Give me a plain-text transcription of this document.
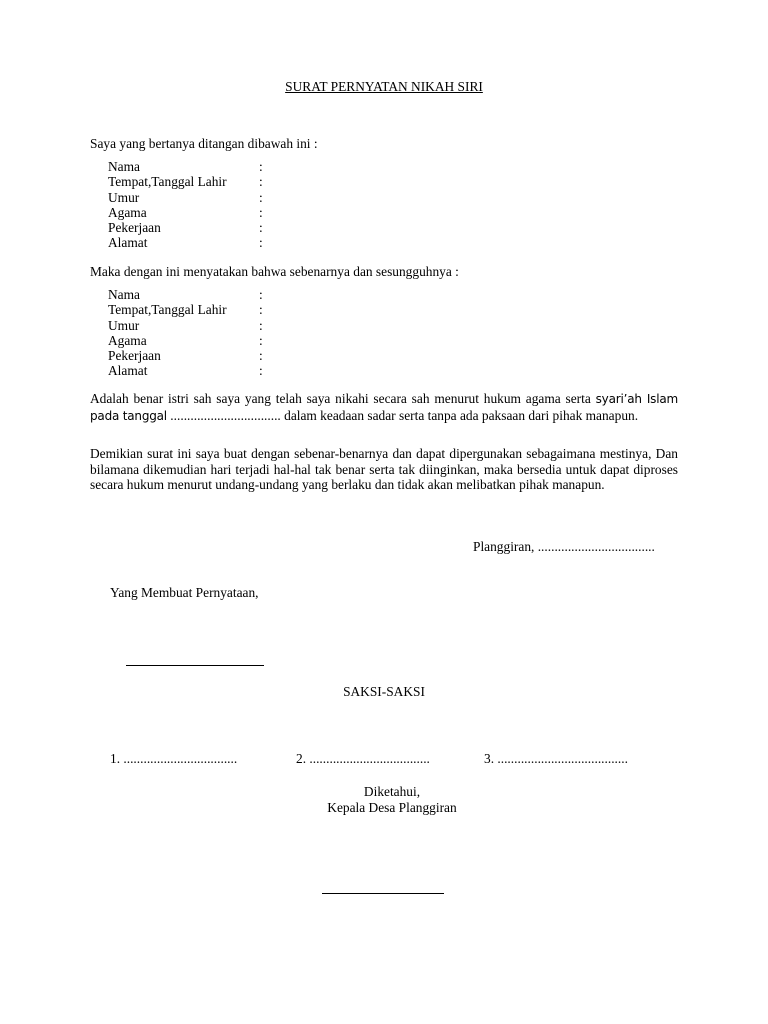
SURAT PERNYATAN NIKAH SIRI

Saya yang bertanya ditangan dibawah ini :

Nama	:
Tempat,Tanggal Lahir	:
Umur	:
Agama	:
Pekerjaan	:
Alamat	:

Maka dengan ini menyatakan bahwa sebenarnya dan sesungguhnya :

Nama	:
Tempat,Tanggal Lahir	:
Umur	:
Agama	:
Pekerjaan	:
Alamat	:

Adalah benar istri sah saya yang telah saya nikahi secara sah menurut hukum agama serta syari’ah Islam pada tanggal ................................. dalam keadaan sadar serta tanpa ada paksaan dari pihak manapun.

Demikian surat ini saya buat dengan sebenar-benarnya dan dapat dipergunakan sebagaimana mestinya, Dan bilamana dikemudian hari terjadi hal-hal tak benar serta tak diinginkan, maka bersedia untuk dapat diproses secara hukum menurut undang-undang yang berlaku dan tidak akan melibatkan pihak manapun.

Planggiran, ...................................
Yang Membuat Pernyataan,
SAKSI-SAKSI
1. ..................................	2. ....................................	3. .......................................
Diketahui,
Kepala Desa Planggiran
